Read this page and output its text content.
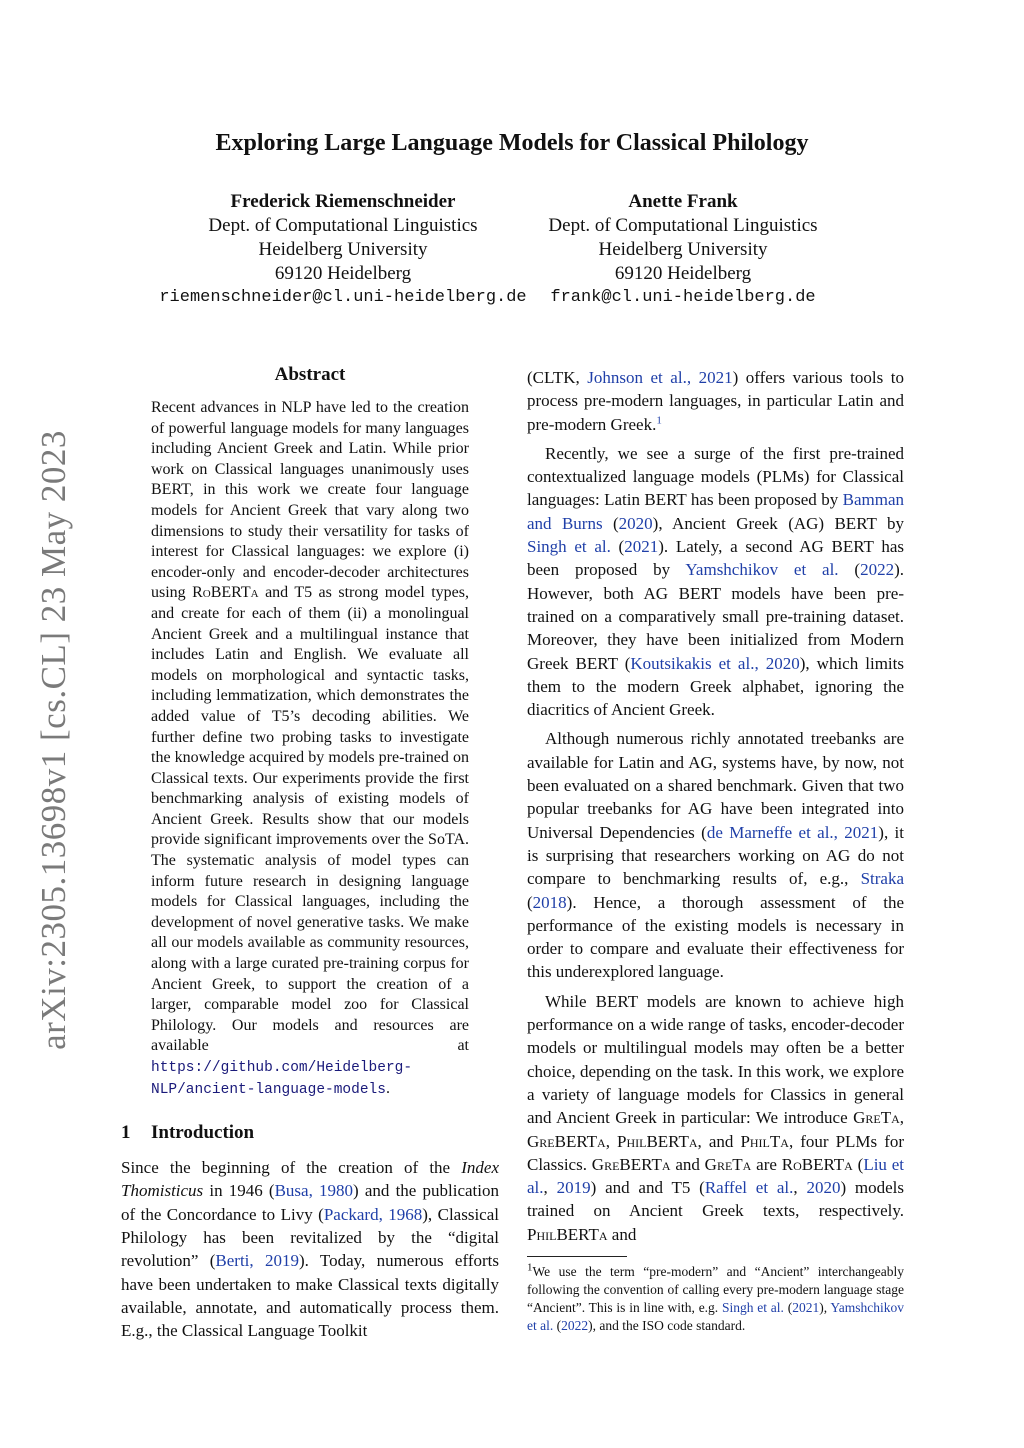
arXiv:2305.13698v1 [cs.CL] 23 May 2023
Exploring Large Language Models for Classical Philology
Frederick Riemenschneider
Dept. of Computational Linguistics
Heidelberg University
69120 Heidelberg
riemenschneider@cl.uni-heidelberg.de
Anette Frank
Dept. of Computational Linguistics
Heidelberg University
69120 Heidelberg
frank@cl.uni-heidelberg.de
Abstract

Recent advances in NLP have led to the creation of powerful language models for many languages including Ancient Greek and Latin. While prior work on Classical languages unanimously uses BERT, in this work we create four language models for Ancient Greek that vary along two dimensions to study their versatility for tasks of interest for Classical languages: we explore (i) encoder-only and encoder-decoder architectures using RoBERTa and T5 as strong model types, and create for each of them (ii) a monolingual Ancient Greek and a multilingual instance that includes Latin and English. We evaluate all models on morphological and syntactic tasks, including lemmatization, which demonstrates the added value of T5’s decoding abilities. We further define two probing tasks to investigate the knowledge acquired by models pre-trained on Classical texts. Our experiments provide the first benchmarking analysis of existing models of Ancient Greek. Results show that our models provide significant improvements over the SoTA. The systematic analysis of model types can inform future research in designing language models for Classical languages, including the development of novel generative tasks. We make all our models available as community resources, along with a large curated pre-training corpus for Ancient Greek, to support the creation of a larger, comparable model zoo for Classical Philology. Our models and resources are available at https://github.com/Heidelberg-NLP/ancient-language-models.

1 Introduction

Since the beginning of the creation of the Index Thomisticus in 1946 (Busa, 1980) and the publication of the Concordance to Livy (Packard, 1968), Classical Philology has been revitalized by the “digital revolution” (Berti, 2019). Today, numerous efforts have been undertaken to make Classical texts digitally available, annotate, and automatically process them. E.g., the Classical Language Toolkit

(CLTK, Johnson et al., 2021) offers various tools to process pre-modern languages, in particular Latin and pre-modern Greek.$^1$

Recently, we see a surge of the first pre-trained contextualized language models (PLMs) for Classical languages: Latin BERT has been proposed by Bamman and Burns (2020), Ancient Greek (AG) BERT by Singh et al. (2021). Lately, a second AG BERT has been proposed by Yamshchikov et al. (2022). However, both AG BERT models have been pre-trained on a comparatively small pre-training dataset. Moreover, they have been initialized from Modern Greek BERT (Koutsikakis et al., 2020), which limits them to the modern Greek alphabet, ignoring the diacritics of Ancient Greek.

Although numerous richly annotated treebanks are available for Latin and AG, systems have, by now, not been evaluated on a shared benchmark. Given that two popular treebanks for AG have been integrated into Universal Dependencies (de Marneffe et al., 2021), it is surprising that researchers working on AG do not compare to benchmarking results of, e.g., Straka (2018). Hence, a thorough assessment of the performance of the existing models is necessary in order to compare and evaluate their effectiveness for this underexplored language.

While BERT models are known to achieve high performance on a wide range of tasks, encoder-decoder models or multilingual models may often be a better choice, depending on the task. In this work, we explore a variety of language models for Classics in general and Ancient Greek in particular: We introduce GrεTa, GrεBERTa, PhilBERTa, and PhilTa, four PLMs for Classics. GrεBERTa and GrεTa are RoBERTa (Liu et al., 2019) and and T5 (Raffel et al., 2020) models trained on Ancient Greek texts, respectively. PhilBERTa and

$^1$We use the term “pre-modern” and “Ancient” interchangeably following the convention of calling every pre-modern language stage “Ancient”. This is in line with, e.g. Singh et al. (2021), Yamshchikov et al. (2022), and the ISO code standard.
